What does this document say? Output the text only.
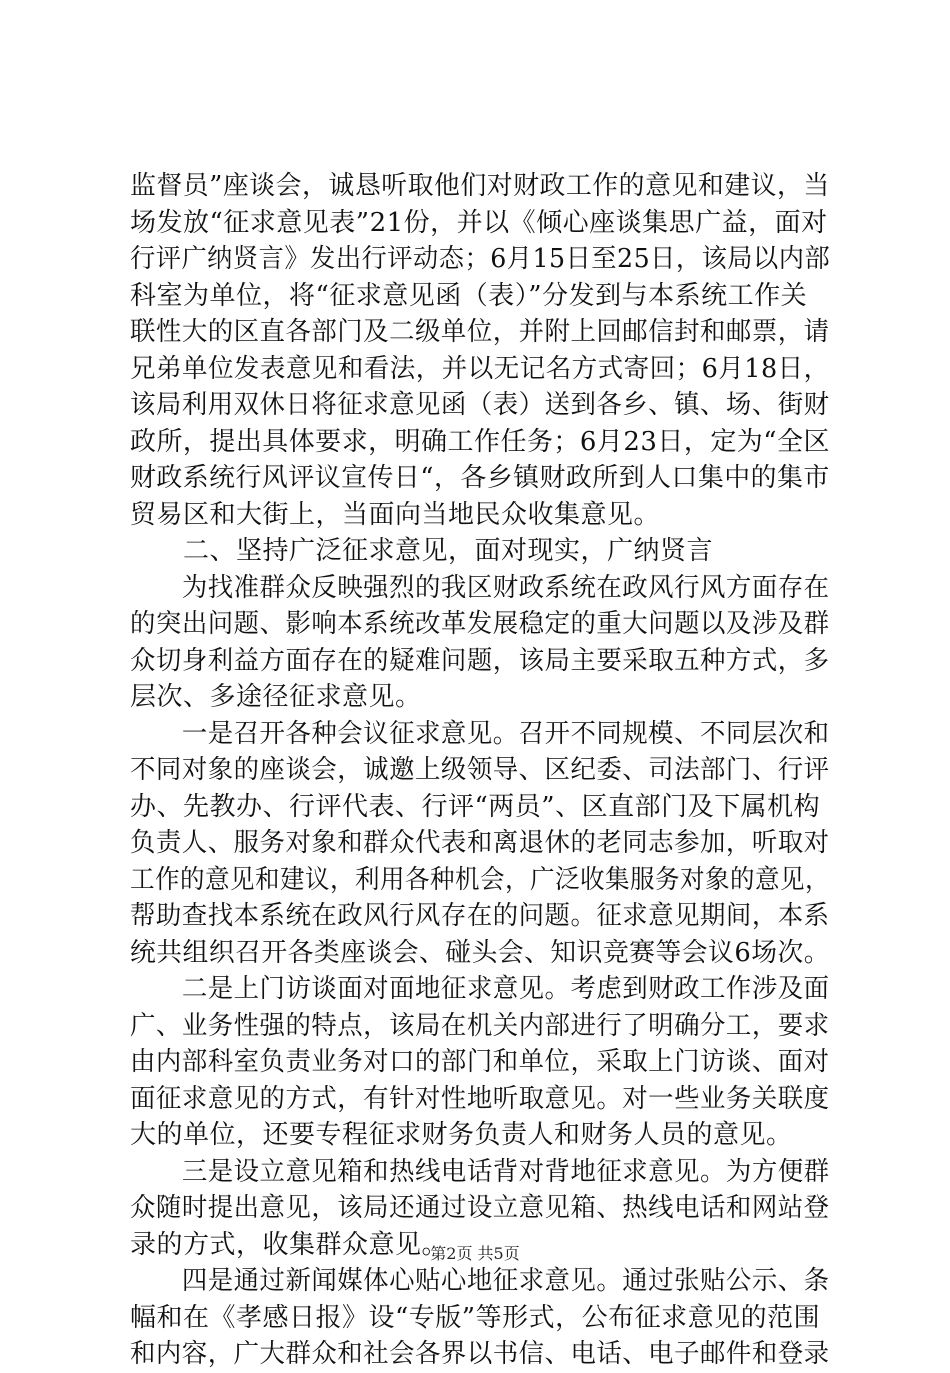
监督员”座谈会，诚恳听取他们对财政工作的意见和建议，当
场发放“征求意见表”21份，并以《倾心座谈集思广益，面对
行评广纳贤言》发出行评动态；6月15日至25日，该局以内部
科室为单位，将“征求意见函（表）”分发到与本系统工作关
联性大的区直各部门及二级单位，并附上回邮信封和邮票，请
兄弟单位发表意见和看法，并以无记名方式寄回；6月18日，
该局利用双休日将征求意见函（表）送到各乡、镇、场、街财
政所，提出具体要求，明确工作任务；6月23日，定为“全区
财政系统行风评议宣传日“，各乡镇财政所到人口集中的集市
贸易区和大街上，当面向当地民众收集意见。
　　二、坚持广泛征求意见，面对现实，广纳贤言
　　为找准群众反映强烈的我区财政系统在政风行风方面存在
的突出问题、影响本系统改革发展稳定的重大问题以及涉及群
众切身利益方面存在的疑难问题，该局主要采取五种方式，多
层次、多途径征求意见。
　　一是召开各种会议征求意见。召开不同规模、不同层次和
不同对象的座谈会，诚邀上级领导、区纪委、司法部门、行评
办、先教办、行评代表、行评“两员”、区直部门及下属机构
负责人、服务对象和群众代表和离退休的老同志参加，听取对
工作的意见和建议，利用各种机会，广泛收集服务对象的意见，
帮助查找本系统在政风行风存在的问题。征求意见期间，本系
统共组织召开各类座谈会、碰头会、知识竞赛等会议6场次。
　　二是上门访谈面对面地征求意见。考虑到财政工作涉及面
广、业务性强的特点，该局在机关内部进行了明确分工，要求
由内部科室负责业务对口的部门和单位，采取上门访谈、面对
面征求意见的方式，有针对性地听取意见。对一些业务关联度
大的单位，还要专程征求财务负责人和财务人员的意见。
　　三是设立意见箱和热线电话背对背地征求意见。为方便群
众随时提出意见，该局还通过设立意见箱、热线电话和网站登
录的方式，收集群众意见。
　　四是通过新闻媒体心贴心地征求意见。通过张贴公示、条
幅和在《孝感日报》设“专版”等形式，公布征求意见的范围
和内容，广大群众和社会各界以书信、电话、电子邮件和登录
第2页 共5页
